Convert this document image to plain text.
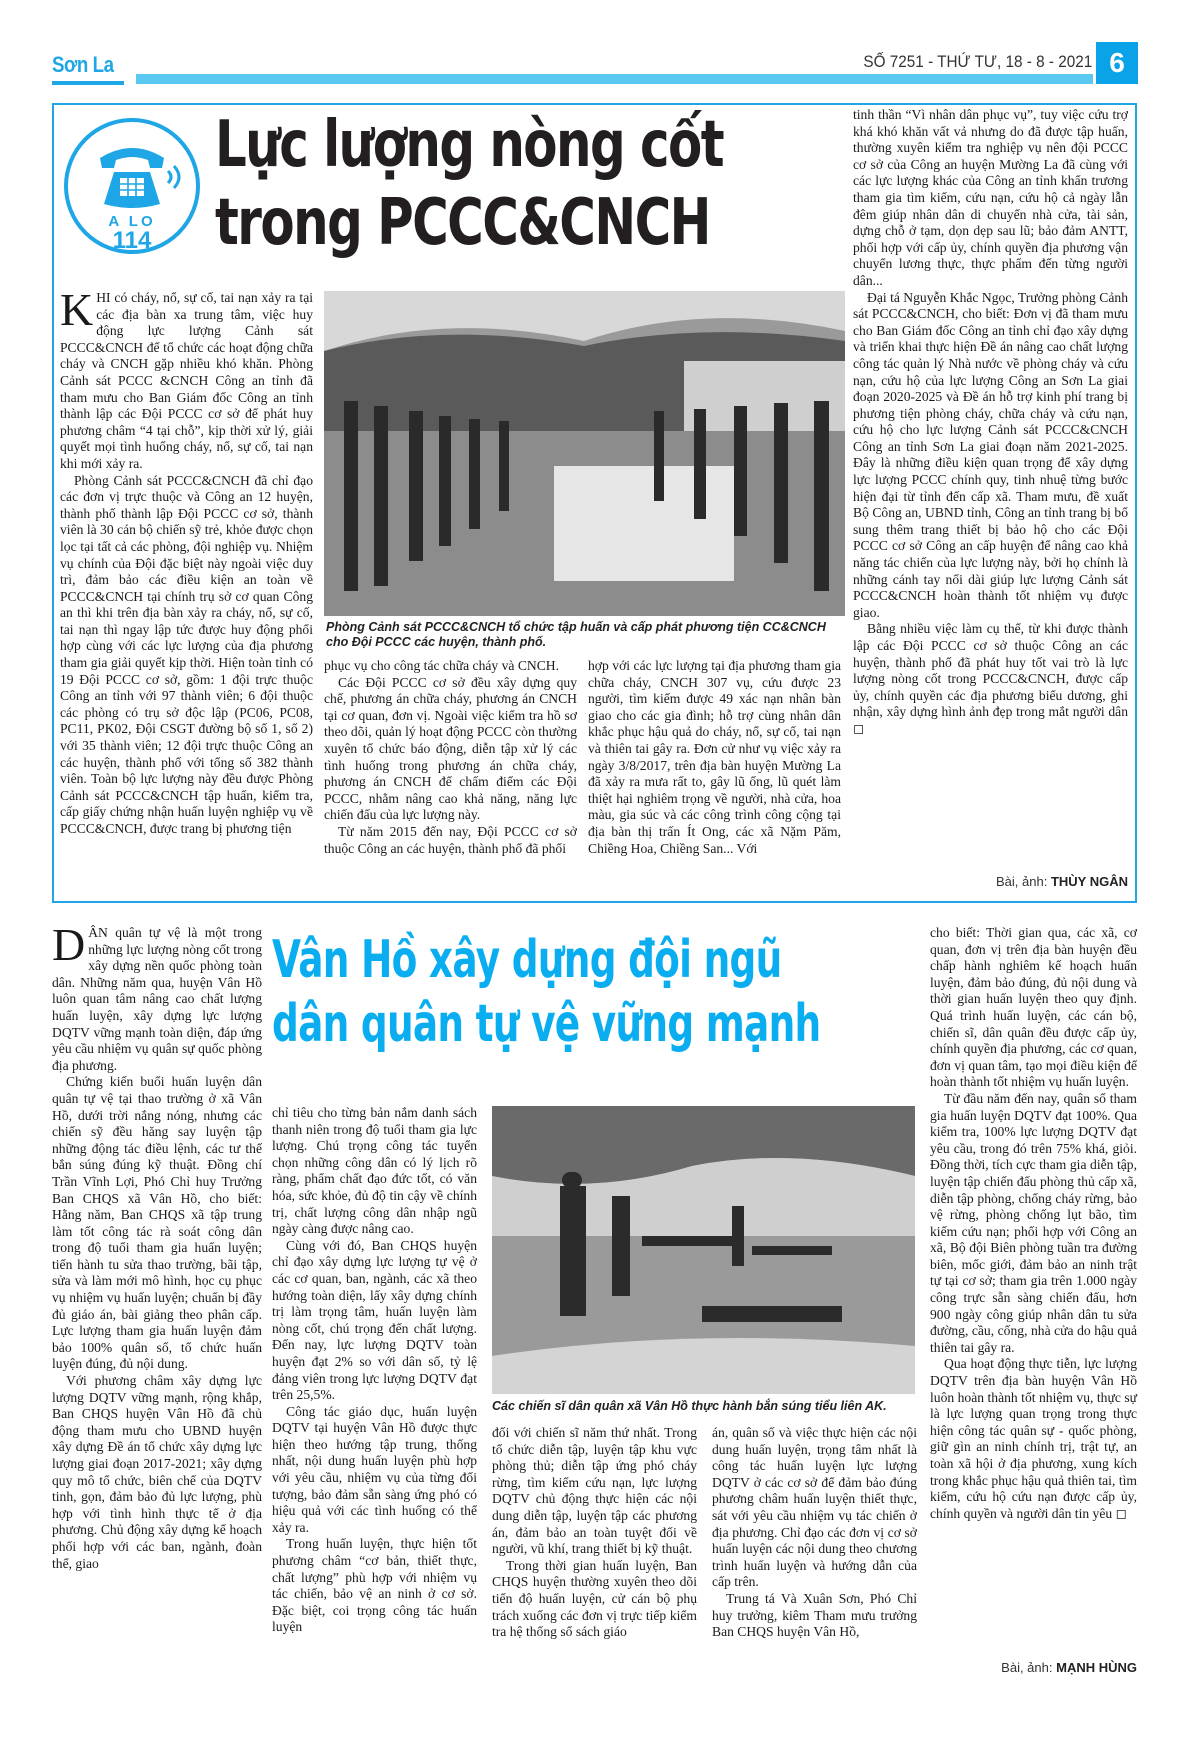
Sơn La	SỐ 7251 - THỨ TƯ, 18 - 8 - 2021 6
A LO
114
Lực lượng nòng cốt
trong PCCC&CNCH

KHI có cháy, nổ, sự cố, tai nạn xảy ra tại các địa bàn xa trung tâm, việc huy động lực lượng Cảnh sát PCCC&CNCH để tổ chức các hoạt động chữa cháy và CNCH gặp nhiều khó khăn. Phòng Cảnh sát PCCC &CNCH Công an tỉnh đã tham mưu cho Ban Giám đốc Công an tỉnh thành lập các Đội PCCC cơ sở để phát huy phương châm “4 tại chỗ”, kịp thời xử lý, giải quyết mọi tình huống cháy, nổ, sự cố, tai nạn khi mới xảy ra.

Phòng Cảnh sát PCCC&CNCH đã chỉ đạo các đơn vị trực thuộc và Công an 12 huyện, thành phố thành lập Đội PCCC cơ sở, thành viên là 30 cán bộ chiến sỹ trẻ, khỏe được chọn lọc tại tất cả các phòng, đội nghiệp vụ. Nhiệm vụ chính của Đội đặc biệt này ngoài việc duy trì, đảm bảo các điều kiện an toàn về PCCC&CNCH tại chính trụ sở cơ quan Công an thì khi trên địa bàn xảy ra cháy, nổ, sự cố, tai nạn thì ngay lập tức được huy động phối hợp cùng với các lực lượng của địa phương tham gia giải quyết kịp thời. Hiện toàn tỉnh có 19 Đội PCCC cơ sở, gồm: 1 đội trực thuộc Công an tỉnh với 97 thành viên; 6 đội thuộc các phòng có trụ sở độc lập (PC06, PC08, PC11, PK02, Đội CSGT đường bộ số 1, số 2) với 35 thành viên; 12 đội trực thuộc Công an các huyện, thành phố với tổng số 382 thành viên. Toàn bộ lực lượng này đều được Phòng Cảnh sát PCCC&CNCH tập huấn, kiểm tra, cấp giấy chứng nhận huấn luyện nghiệp vụ về PCCC&CNCH, được trang bị phương tiện

Phòng Cảnh sát PCCC&CNCH tổ chức tập huấn và cấp phát phương tiện CC&CNCH cho Đội PCCC các huyện, thành phố.

phục vụ cho công tác chữa cháy và CNCH.

Các Đội PCCC cơ sở đều xây dựng quy chế, phương án chữa cháy, phương án CNCH tại cơ quan, đơn vị. Ngoài việc kiểm tra hồ sơ theo dõi, quản lý hoạt động PCCC còn thường xuyên tổ chức báo động, diễn tập xử lý các tình huống trong phương án chữa cháy, phương án CNCH để chấm điểm các Đội PCCC, nhằm nâng cao khả năng, năng lực chiến đấu của lực lượng này.

Từ năm 2015 đến nay, Đội PCCC cơ sở thuộc Công an các huyện, thành phố đã phối

hợp với các lực lượng tại địa phương tham gia chữa cháy, CNCH 307 vụ, cứu được 23 người, tìm kiếm được 49 xác nạn nhân bàn giao cho các gia đình; hỗ trợ cùng nhân dân khắc phục hậu quả do cháy, nổ, sự cố, tai nạn và thiên tai gây ra. Đơn cử như vụ việc xảy ra ngày 3/8/2017, trên địa bàn huyện Mường La đã xảy ra mưa rất to, gây lũ ống, lũ quét làm thiệt hại nghiêm trọng về người, nhà cửa, hoa màu, gia súc và các công trình công cộng tại địa bàn thị trấn Ít Ong, các xã Nặm Păm, Chiềng Hoa, Chiềng San... Với

tinh thần “Vì nhân dân phục vụ”, tuy việc cứu trợ khá khó khăn vất vả nhưng do đã được tập huấn, thường xuyên kiểm tra nghiệp vụ nên đội PCCC cơ sở của Công an huyện Mường La đã cùng với các lực lượng khác của Công an tỉnh khẩn trương tham gia tìm kiếm, cứu nạn, cứu hộ cả ngày lẫn đêm giúp nhân dân di chuyển nhà cửa, tài sản, dựng chỗ ở tạm, dọn dẹp sau lũ; bảo đảm ANTT, phối hợp với cấp ủy, chính quyền địa phương vận chuyển lương thực, thực phẩm đến từng người dân...

Đại tá Nguyễn Khắc Ngọc, Trưởng phòng Cảnh sát PCCC&CNCH, cho biết: Đơn vị đã tham mưu cho Ban Giám đốc Công an tỉnh chỉ đạo xây dựng và triển khai thực hiện Đề án nâng cao chất lượng công tác quản lý Nhà nước về phòng cháy và cứu nạn, cứu hộ của lực lượng Công an Sơn La giai đoạn 2020-2025 và Đề án hỗ trợ kinh phí trang bị phương tiện phòng cháy, chữa cháy và cứu nạn, cứu hộ cho lực lượng Cảnh sát PCCC&CNCH Công an tỉnh Sơn La giai đoạn năm 2021-2025. Đây là những điều kiện quan trọng để xây dựng lực lượng PCCC chính quy, tinh nhuệ từng bước hiện đại từ tỉnh đến cấp xã. Tham mưu, đề xuất Bộ Công an, UBND tỉnh, Công an tỉnh trang bị bổ sung thêm trang thiết bị bảo hộ cho các Đội PCCC cơ sở Công an cấp huyện để nâng cao khả năng tác chiến của lực lượng này, bởi họ chính là những cánh tay nối dài giúp lực lượng Cảnh sát PCCC&CNCH hoàn thành tốt nhiệm vụ được giao.

Bằng nhiều việc làm cụ thể, từ khi được thành lập các Đội PCCC cơ sở thuộc Công an các huyện, thành phố đã phát huy tốt vai trò là lực lượng nòng cốt trong PCCC&CNCH, được cấp ủy, chính quyền các địa phương biểu dương, ghi nhận, xây dựng hình ảnh đẹp trong mắt người dân ◻

Bài, ảnh: THÙY NGÂN
Vân Hồ xây dựng đội ngũ
dân quân tự vệ vững mạnh

DÂN quân tự vệ là một trong những lực lượng nòng cốt trong xây dựng nền quốc phòng toàn dân. Những năm qua, huyện Vân Hồ luôn quan tâm nâng cao chất lượng huấn luyện, xây dựng lực lượng DQTV vững mạnh toàn diện, đáp ứng yêu cầu nhiệm vụ quân sự quốc phòng địa phương.

Chứng kiến buổi huấn luyện dân quân tự vệ tại thao trường ở xã Vân Hồ, dưới trời nắng nóng, nhưng các chiến sỹ đều hăng say luyện tập những động tác điều lệnh, các tư thế bắn súng đúng kỹ thuật. Đồng chí Trần Vĩnh Lợi, Phó Chỉ huy Trưởng Ban CHQS xã Vân Hồ, cho biết: Hằng năm, Ban CHQS xã tập trung làm tốt công tác rà soát công dân trong độ tuổi tham gia huấn luyện; tiến hành tu sửa thao trường, bãi tập, sửa và làm mới mô hình, học cụ phục vụ nhiệm vụ huấn luyện; chuẩn bị đầy đủ giáo án, bài giảng theo phân cấp. Lực lượng tham gia huấn luyện đảm bảo 100% quân số, tổ chức huấn luyện đúng, đủ nội dung.

Với phương châm xây dựng lực lượng DQTV vững mạnh, rộng khắp, Ban CHQS huyện Vân Hồ đã chủ động tham mưu cho UBND huyện xây dựng Đề án tổ chức xây dựng lực lượng giai đoạn 2017-2021; xây dựng quy mô tổ chức, biên chế của DQTV tinh, gọn, đảm bảo đủ lực lượng, phù hợp với tình hình thực tế ở địa phương. Chủ động xây dựng kế hoạch phối hợp với các ban, ngành, đoàn thể, giao

chỉ tiêu cho từng bản nắm danh sách thanh niên trong độ tuổi tham gia lực lượng. Chú trọng công tác tuyển chọn những công dân có lý lịch rõ ràng, phẩm chất đạo đức tốt, có văn hóa, sức khỏe, đủ độ tin cậy về chính trị, chất lượng công dân nhập ngũ ngày càng được nâng cao.

Cùng với đó, Ban CHQS huyện chỉ đạo xây dựng lực lượng tự vệ ở các cơ quan, ban, ngành, các xã theo hướng toàn diện, lấy xây dựng chính trị làm trọng tâm, huấn luyện làm nòng cốt, chú trọng đến chất lượng. Đến nay, lực lượng DQTV toàn huyện đạt 2% so với dân số, tỷ lệ đảng viên trong lực lượng DQTV đạt trên 25,5%.

Công tác giáo dục, huấn luyện DQTV tại huyện Vân Hồ được thực hiện theo hướng tập trung, thống nhất, nội dung huấn luyện phù hợp với yêu cầu, nhiệm vụ của từng đối tượng, bảo đảm sẵn sàng ứng phó có hiệu quả với các tình huống có thể xảy ra.

Trong huấn luyện, thực hiện tốt phương châm “cơ bản, thiết thực, chất lượng” phù hợp với nhiệm vụ tác chiến, bảo vệ an ninh ở cơ sở. Đặc biệt, coi trọng công tác huấn luyện

Các chiến sĩ dân quân xã Vân Hồ thực hành bắn súng tiểu liên AK.

đối với chiến sĩ năm thứ nhất. Trong tổ chức diễn tập, luyện tập khu vực phòng thủ; diễn tập ứng phó cháy rừng, tìm kiếm cứu nạn, lực lượng DQTV chủ động thực hiện các nội dung diễn tập, luyện tập các phương án, đảm bảo an toàn tuyệt đối về người, vũ khí, trang thiết bị kỹ thuật.

Trong thời gian huấn luyện, Ban CHQS huyện thường xuyên theo dõi tiến độ huấn luyện, cử cán bộ phụ trách xuống các đơn vị trực tiếp kiểm tra hệ thống sổ sách giáo

án, quân số và việc thực hiện các nội dung huấn luyện, trọng tâm nhất là công tác huấn luyện lực lượng DQTV ở các cơ sở để đảm bảo đúng phương châm huấn luyện thiết thực, sát với yêu cầu nhiệm vụ tác chiến ở địa phương. Chỉ đạo các đơn vị cơ sở huấn luyện các nội dung theo chương trình huấn luyện và hướng dẫn của cấp trên.

Trung tá Và Xuân Sơn, Phó Chỉ huy trưởng, kiêm Tham mưu trưởng Ban CHQS huyện Vân Hồ,

cho biết: Thời gian qua, các xã, cơ quan, đơn vị trên địa bàn huyện đều chấp hành nghiêm kế hoạch huấn luyện, đảm bảo đúng, đủ nội dung và thời gian huấn luyện theo quy định. Quá trình huấn luyện, các cán bộ, chiến sĩ, dân quân đều được cấp ủy, chính quyền địa phương, các cơ quan, đơn vị quan tâm, tạo mọi điều kiện để hoàn thành tốt nhiệm vụ huấn luyện.

Từ đầu năm đến nay, quân số tham gia huấn luyện DQTV đạt 100%. Qua kiểm tra, 100% lực lượng DQTV đạt yêu cầu, trong đó trên 75% khá, giỏi. Đồng thời, tích cực tham gia diễn tập, luyện tập chiến đấu phòng thủ cấp xã, diễn tập phòng, chống cháy rừng, bảo vệ rừng, phòng chống lụt bão, tìm kiếm cứu nạn; phối hợp với Công an xã, Bộ đội Biên phòng tuần tra đường biên, mốc giới, đảm bảo an ninh trật tự tại cơ sở; tham gia trên 1.000 ngày công trực sẵn sàng chiến đấu, hơn 900 ngày công giúp nhân dân tu sửa đường, cầu, cống, nhà cửa do hậu quả thiên tai gây ra.

Qua hoạt động thực tiễn, lực lượng DQTV trên địa bàn huyện Vân Hồ luôn hoàn thành tốt nhiệm vụ, thực sự là lực lượng quan trọng trong thực hiện công tác quân sự - quốc phòng, giữ gìn an ninh chính trị, trật tự, an toàn xã hội ở địa phương, xung kích trong khắc phục hậu quả thiên tai, tìm kiếm, cứu hộ cứu nạn được cấp ủy, chính quyền và người dân tin yêu ◻

Bài, ảnh: MẠNH HÙNG
